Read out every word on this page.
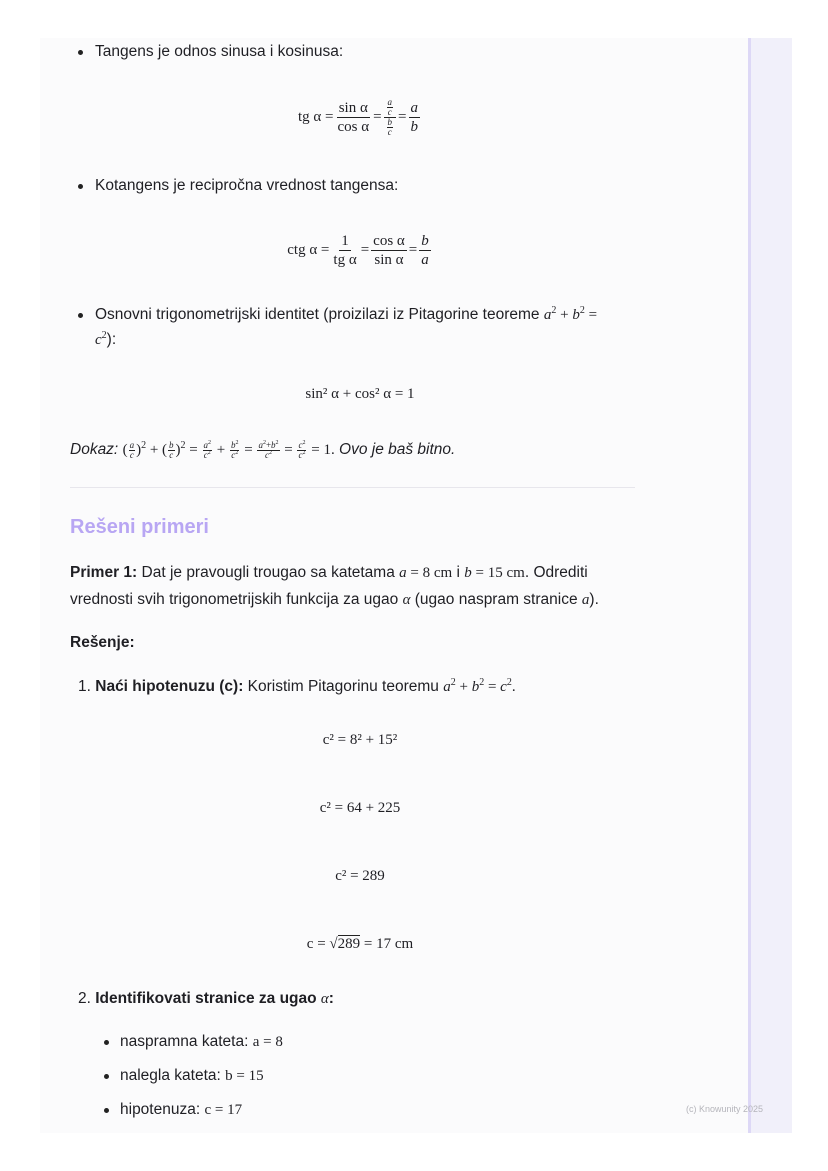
Tangens je odnos sinusa i kosinusa:
tg $\alpha = \frac{\text{sin α}}{\text{cos α}} = \frac{\frac{a}{c}}{\frac{b}{c}} = \frac{a}{b}$
Kotangens je recipročna vrednost tangensa:
ctg $\alpha = \frac{1}{\text{tg α}} = \frac{\text{cos α}}{\text{sin α}} = \frac{b}{a}$
Osnovni trigonometrijski identitet (proizilazi iz Pitagorine teoreme $a^2 + b^2$ =
$c^2$):
sin² α + cos² α = 1
Dokaz:
( $\frac{a}{c} )^2$ + ( $\frac{b}{c} )^2 = \frac{a^2}{c^2} + \frac{b^2}{c^2} = \frac{a^2+b^2}{c^2} = \frac{c^2}{c^2} = 1$.
Ovo je baš bitno.
Rešeni primeri
Primer 1: Dat je pravougli trougao sa katetama a = 8 cm i b = 15 cm. Odrediti
vrednosti svih trigonometrijskih funkcija za ugao α (ugao naspram stranice a).
Rešenje:
1. Naći hipotenuzu (c): Koristim Pitagorinu teoremu $a^2 + b^2 = c^2$.
c² = 8² + 15²
c² = 64 + 225
c² = 289
c =
√ 289
= 17 cm
2. Identifikovati stranice za ugao α:
naspramna kateta: a = 8
nalegla kateta: b = 15
hipotenuza: c = 17	(c) Knowunity 2025
